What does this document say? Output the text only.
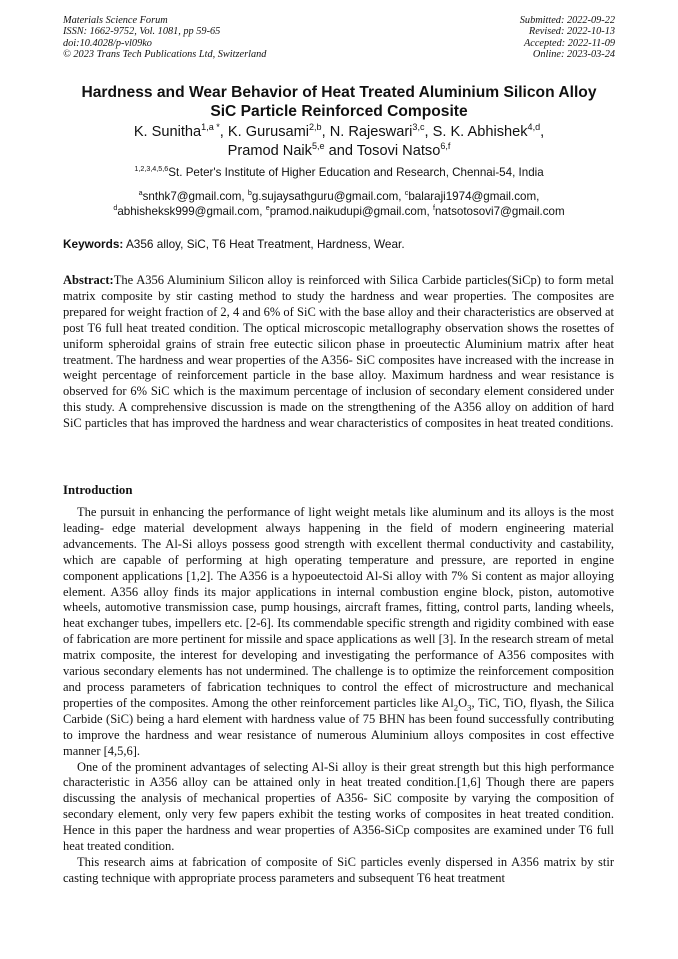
Materials Science Forum
ISSN: 1662-9752, Vol. 1081, pp 59-65
doi:10.4028/p-vl09ko
© 2023 Trans Tech Publications Ltd, Switzerland
Submitted: 2022-09-22
Revised: 2022-10-13
Accepted: 2022-11-09
Online: 2023-03-24
Hardness and Wear Behavior of Heat Treated Aluminium Silicon Alloy
SiC Particle Reinforced Composite
K. Sunitha$^{1,a *}$, K. Gurusami$^{2,b}$, N. Rajeswari$^{3,c}$, S. K. Abhishek$^{4,d}$,
Pramod Naik$^{5,e}$ and Tosovi Natso$^{6,f}$
$^{1,2,3,4,5,6}$St. Peter's Institute of Higher Education and Research, Chennai-54, India
$^a$snthk7@gmail.com, $^b$g.sujaysathguru@gmail.com, $^c$balaraji1974@gmail.com,
$^d$abhisheksk999@gmail.com, $^e$pramod.naikudupi@gmail.com, $^f$natsotosovi7@gmail.com
Keywords: A356 alloy, SiC, T6 Heat Treatment, Hardness, Wear.
Abstract:The A356 Aluminium Silicon alloy is reinforced with Silica Carbide particles(SiCp) to form metal matrix composite by stir casting method to study the hardness and wear properties. The composites are prepared for weight fraction of 2, 4 and 6% of SiC with the base alloy and their characteristics are observed at post T6 full heat treated condition. The optical microscopic metallography observation shows the rosettes of uniform spheroidal grains of strain free eutectic silicon phase in proeutectic Aluminium matrix after heat treatment. The hardness and wear properties of the A356- SiC composites have increased with the increase in weight percentage of reinforcement particle in the base alloy. Maximum hardness and wear resistance is observed for 6% SiC which is the maximum percentage of inclusion of secondary element considered under this study. A comprehensive discussion is made on the strengthening of the A356 alloy on addition of hard SiC particles that has improved the hardness and wear characteristics of composites in heat treated conditions.
Introduction

The pursuit in enhancing the performance of light weight metals like aluminum and its alloys is the most leading- edge material development always happening in the field of modern engineering material advancements. The Al-Si alloys possess good strength with excellent thermal conductivity and castability, which are capable of performing at high operating temperature and pressure, are reported in engine component applications [1,2]. The A356 is a hypoeutectoid Al-Si alloy with 7% Si content as major alloying element. A356 alloy finds its major applications in internal combustion engine block, piston, automotive wheels, automotive transmission case, pump housings, aircraft frames, fitting, control parts, landing wheels, heat exchanger tubes, impellers etc. [2-6]. Its commendable specific strength and rigidity combined with ease of fabrication are more pertinent for missile and space applications as well [3]. In the research stream of metal matrix composite, the interest for developing and investigating the performance of A356 composites with various secondary elements has not undermined. The challenge is to optimize the reinforcement composition and process parameters of fabrication techniques to control the effect of microstructure and mechanical properties of the composites. Among the other reinforcement particles like $Al_2O_3$, TiC, TiO, flyash, the Silica Carbide (SiC) being a hard element with hardness value of 75 BHN has been found successfully contributing to improve the hardness and wear resistance of numerous Aluminium alloys composites in cost effective manner [4,5,6].

One of the prominent advantages of selecting Al-Si alloy is their great strength but this high performance characteristic in A356 alloy can be attained only in heat treated condition.[1,6] Though there are papers discussing the analysis of mechanical properties of A356- SiC composite by varying the composition of secondary element, only very few papers exhibit the testing works of composites in heat treated condition. Hence in this paper the hardness and wear properties of A356-SiCp composites are examined under T6 full heat treated condition.

This research aims at fabrication of composite of SiC particles evenly dispersed in A356 matrix by stir casting technique with appropriate process parameters and subsequent T6 heat treatment
